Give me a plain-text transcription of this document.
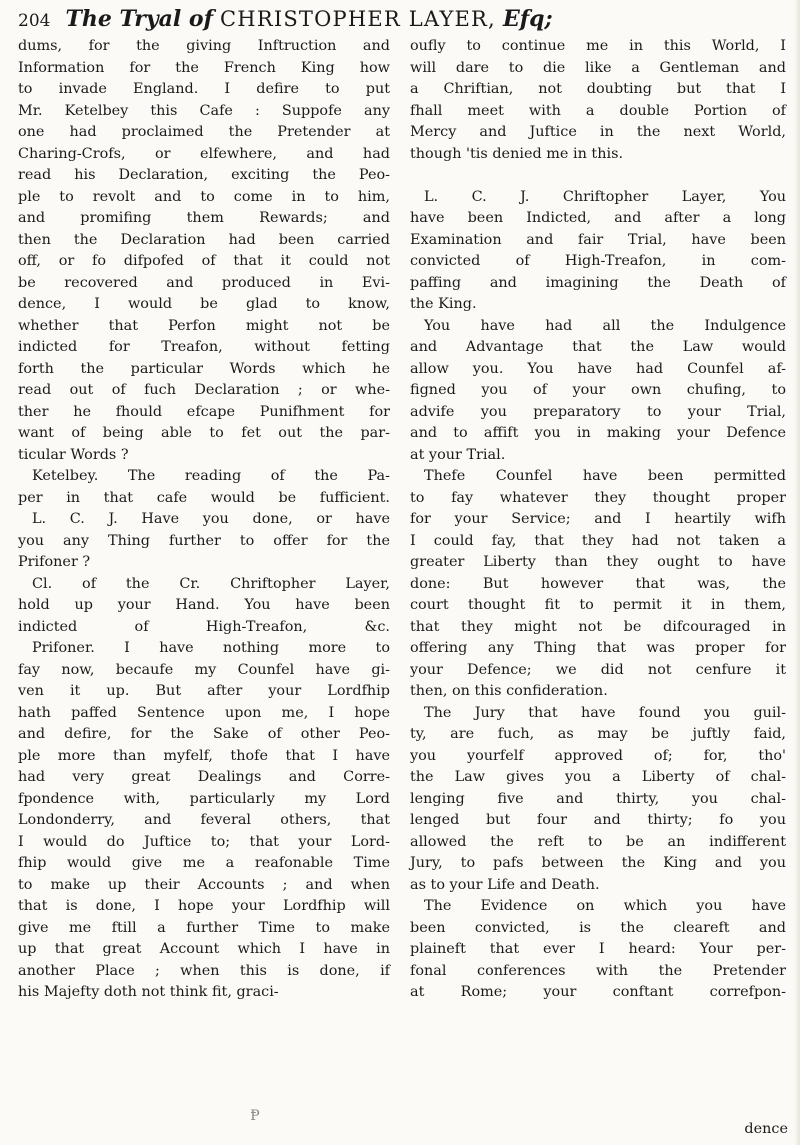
204 The Tryal of CHRISTOPHER LAYER, Efq;

dums, for the giving Inftruction and

Information for the French King how

to invade England. I defire to put

Mr. Ketelbey this Cafe : Suppofe any

one had proclaimed the Pretender at

Charing-Crofs, or elfewhere, and had

read his Declaration, exciting the Peo-

ple to revolt and to come in to him,

and promifing them Rewards; and

then the Declaration had been carried

off, or fo difpofed of that it could not

be recovered and produced in Evi-

dence, I would be glad to know,

whether that Perfon might not be

indicted for Treafon, without fetting

forth the particular Words which he

read out of fuch Declaration ; or whe-

ther he fhould efcape Punifhment for

want of being able to fet out the par-

ticular Words ?

Ketelbey. The reading of the Pa-

per in that cafe would be fufficient.

L. C. J. Have you done, or have

you any Thing further to offer for the

Prifoner ?

Cl. of the Cr. Chriftopher Layer,

hold up your Hand. You have been

indicted of High-Treafon, &c.

Prifoner. I have nothing more to

fay now, becaufe my Counfel have gi-

ven it up. But after your Lordfhip

hath paffed Sentence upon me, I hope

and defire, for the Sake of other Peo-

ple more than myfelf, thofe that I have

had very great Dealings and Corre-

fpondence with, particularly my Lord

Londonderry, and feveral others, that

I would do Juftice to; that your Lord-

fhip would give me a reafonable Time

to make up their Accounts ; and when

that is done, I hope your Lordfhip will

give me ftill a further Time to make

up that great Account which I have in

another Place ; when this is done, if

his Majefty doth not think fit, graci-

oufly to continue me in this World, I

will dare to die like a Gentleman and

a Chriftian, not doubting but that I

fhall meet with a double Portion of

Mercy and Juftice in the next World,

though 'tis denied me in this.

L. C. J. Chriftopher Layer, You

have been Indicted, and after a long

Examination and fair Trial, have been

convicted of High-Treafon, in com-

paffing and imagining the Death of

the King.

You have had all the Indulgence

and Advantage that the Law would

allow you. You have had Counfel af-

figned you of your own chufing, to

advife you preparatory to your Trial,

and to affift you in making your Defence

at your Trial.

Thefe Counfel have been permitted

to fay whatever they thought proper

for your Service; and I heartily wifh

I could fay, that they had not taken a

greater Liberty than they ought to have

done: But however that was, the

court thought fit to permit it in them,

that they might not be difcouraged in

offering any Thing that was proper for

your Defence; we did not cenfure it

then, on this confideration.

The Jury that have found you guil-

ty, are fuch, as may be juftly faid,

you yourfelf approved of; for, tho'

the Law gives you a Liberty of chal-

lenging five and thirty, you chal-

lenged but four and thirty; fo you

allowed the reft to be an indifferent

Jury, to pafs between the King and you

as to your Life and Death.

The Evidence on which you have

been convicted, is the cleareft and

plaineft that ever I heard: Your per-

fonal conferences with the Pretender

at Rome; your conftant correfpon-

Ᵽ
dence
